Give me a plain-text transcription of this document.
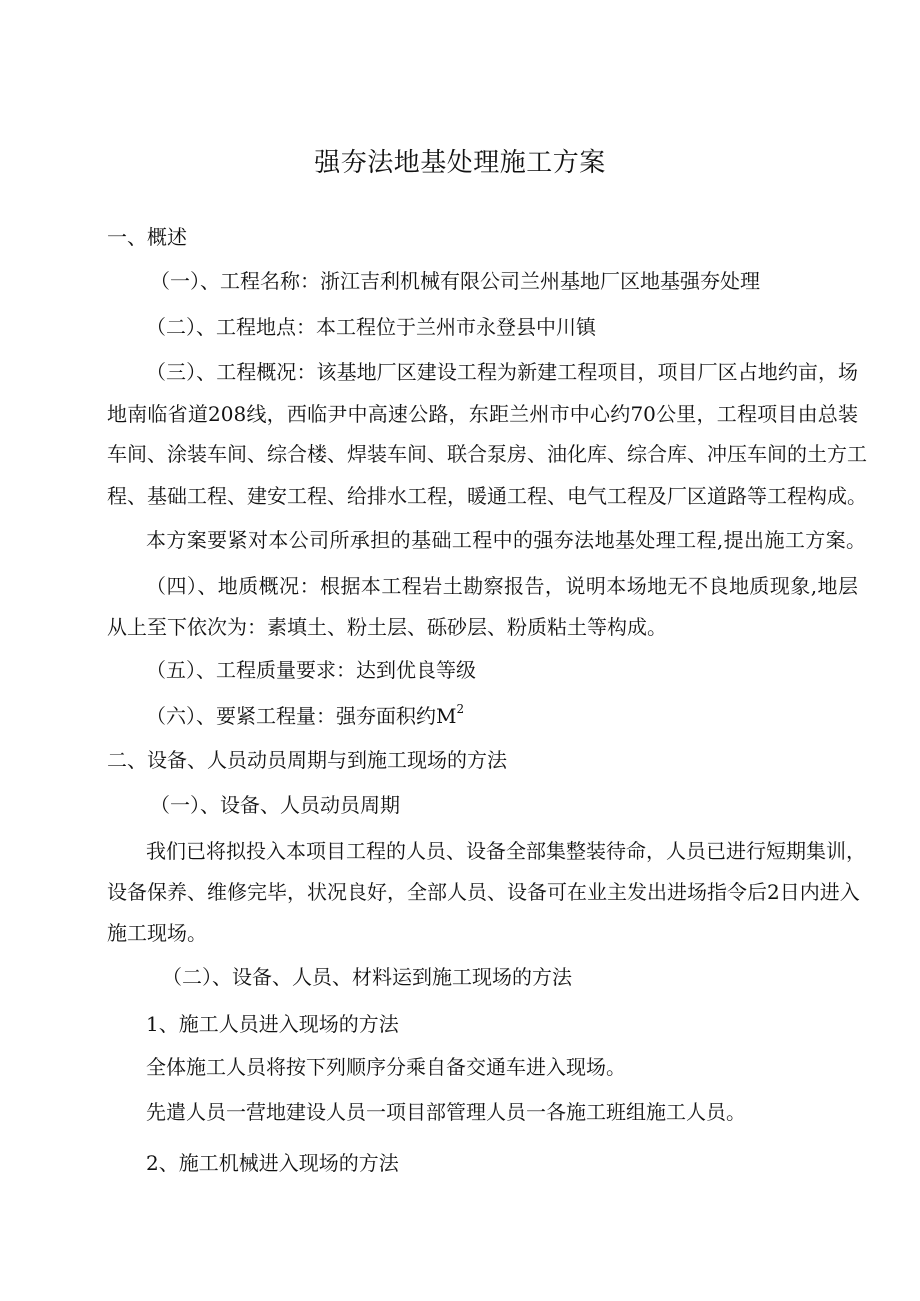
强夯法地基处理施工方案
一、概述
（一）、工程名称：浙江吉利机械有限公司兰州基地厂区地基强夯处理
（二）、工程地点：本工程位于兰州市永登县中川镇
（三）、工程概况：该基地厂区建设工程为新建工程项目，项目厂区占地约亩，场
地南临省道208线，西临尹中高速公路，东距兰州市中心约70公里，工程项目由总装
车间、涂装车间、综合楼、焊装车间、联合泵房、油化库、综合库、冲压车间的土方工
程、基础工程、建安工程、给排水工程，暖通工程、电气工程及厂区道路等工程构成。
本方案要紧对本公司所承担的基础工程中的强夯法地基处理工程,提出施工方案。
（四）、地质概况：根据本工程岩土勘察报告，说明本场地无不良地质现象,地层
从上至下依次为：素填土、粉土层、砾砂层、粉质粘土等构成。
（五）、工程质量要求：达到优良等级
（六）、要紧工程量：强夯面积约$M^2$
二、设备、人员动员周期与到施工现场的方法
（一）、设备、人员动员周期
我们已将拟投入本项目工程的人员、设备全部集整装待命，人员已进行短期集训，
设备保养、维修完毕，状况良好，全部人员、设备可在业主发出进场指令后2日内进入
施工现场。
（二）、设备、人员、材料运到施工现场的方法
1、施工人员进入现场的方法
全体施工人员将按下列顺序分乘自备交通车进入现场。
先遣人员一营地建设人员一项目部管理人员一各施工班组施工人员。
2、施工机械进入现场的方法
